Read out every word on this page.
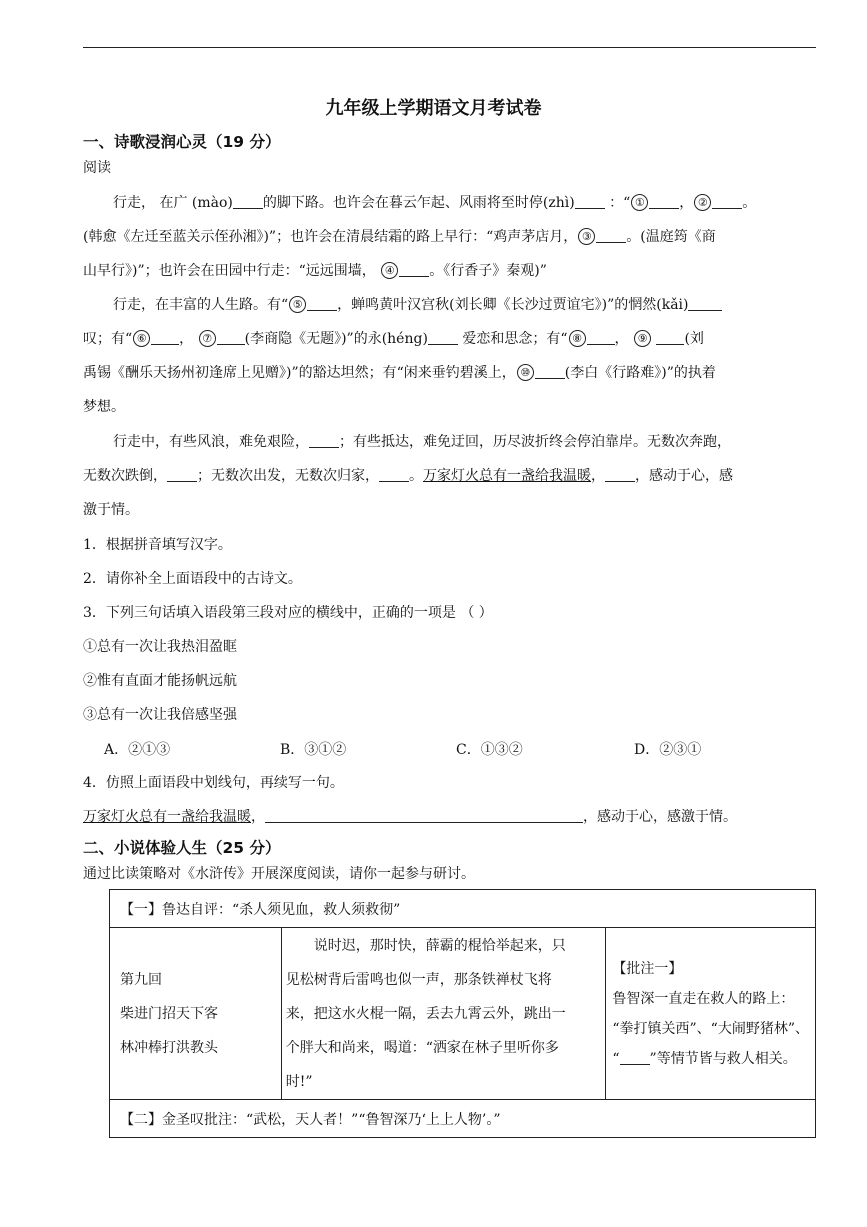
九年级上学期语文月考试卷
一、诗歌浸润心灵（19 分）
阅读
行走， 在广 (mào) 的脚下路。也许会在暮云乍起、风雨将至时停(zhì) ：“ ① ， ② 。
(韩愈《左迁至蓝关示侄孙湘》)”；也许会在清晨结霜的路上早行：“鸡声茅店月， ③ 。(温庭筠《商
山早行》)”；也许会在田园中行走：“远远围墙， ④ 。《行香子》秦观)”
行走，在丰富的人生路。有“ ⑤ ，蝉鸣黄叶汉宫秋(刘长卿《长沙过贾谊宅》)”的惘然(kǎi)
叹；有“ ⑥ ， ⑦ (李商隐《无题》)”的永(héng) 爱恋和思念；有“ ⑧ ， ⑨	(刘
禹锡《酬乐天扬州初逢席上见赠》)”的豁达坦然；有“闲来垂钓碧溪上， ⑩ (李白《行路难》)”的执着
梦想。
行走中，有些风浪，难免艰险， ；有些抵达，难免迂回，历尽波折终会停泊靠岸。无数次奔跑，
无数次跌倒， ；无数次出发，无数次归家， 。万家灯火总有一盏给我温暖， ，感动于心，感
激于情。
1．根据拼音填写汉字。
2．请你补全上面语段中的古诗文。
3．下列三句话填入语段第三段对应的横线中，正确的一项是 （ ）
①总有一次让我热泪盈眶
②惟有直面才能扬帆远航
③总有一次让我倍感坚强
A．②①③	B．③①②	C．①③②	D．②③①
4．仿照上面语段中划线句，再续写一句。
万家灯火总有一盏给我温暖，	，感动于心，感激于情。
二、小说体验人生（25 分）
通过比读策略对《水浒传》开展深度阅读，请你一起参与研讨。
【一】鲁达自评：“杀人须见血，救人须救彻”

第九回
柴进门招天下客
林冲棒打洪教头

说时迟，那时快，薛霸的棍恰举起来，只
见松树背后雷鸣也似一声，那条铁禅杖飞将
来，把这水火棍一隔，丢去九霄云外，跳出一
个胖大和尚来，喝道：“洒家在林子里听你多
时!”

【批注一】
鲁智深一直走在救人的路上：
“拳打镇关西”、“大闹野猪林”、
“ ”等情节皆与救人相关。

【二】金圣叹批注：“武松，天人者！”“鲁智深乃‘上上人物’。”
